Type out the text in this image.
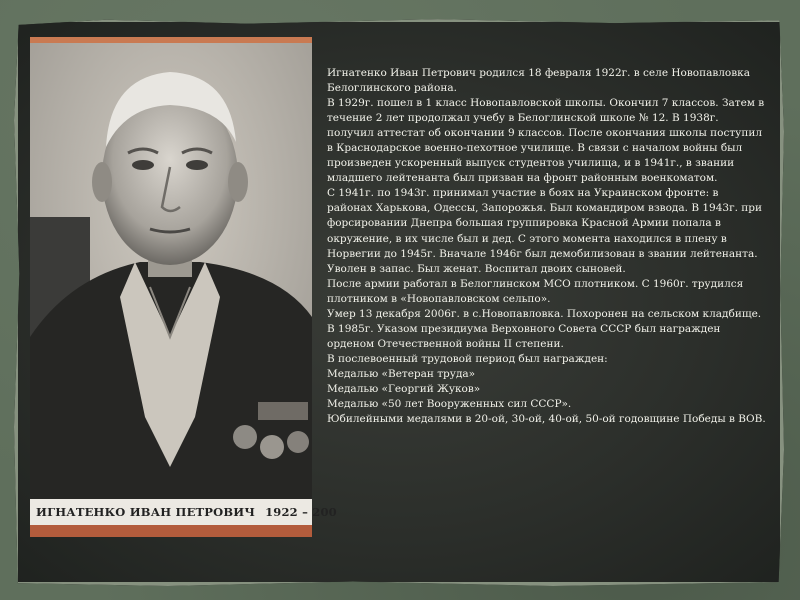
ИГНАТЕНКО ИВАН ПЕТРОВИЧ 1922 – 200

Игнатенко Иван Петрович родился 18 февраля 1922г. в селе Новопавловка Белоглинского района.

В 1929г. пошел в 1 класс Новопавловской школы. Окончил 7 классов. Затем в течение 2 лет продолжал учебу в Белоглинской школе № 12. В 1938г. получил аттестат об окончании 9 классов. После окончания школы поступил в Краснодарское военно-пехотное училище. В связи с началом войны был произведен ускоренный выпуск студентов училища, и в 1941г., в звании младшего лейтенанта был призван на фронт районным военкоматом.

С 1941г. по 1943г. принимал участие в боях на Украинском фронте: в районах Харькова, Одессы, Запорожья. Был командиром взвода. В 1943г. при форсировании Днепра большая группировка Красной Армии попала в окружение, в их числе был и дед. С этого момента находился в плену в Норвегии до 1945г. Вначале 1946г был демобилизован в звании лейтенанта. Уволен в запас. Был женат. Воспитал двоих сыновей.

После армии работал в Белоглинском МСО плотником. С 1960г. трудился плотником в «Новопавловском сельпо».

Умер 13 декабря 2006г. в с.Новопавловка. Похоронен на сельском кладбище.

В 1985г. Указом президиума Верховного Совета СССР был награжден орденом Отечественной войны II степени.

В послевоенный трудовой период был награжден:

Медалью «Ветеран труда»

Медалью «Георгий Жуков»

Медалью «50 лет Вооруженных сил СССР».

Юбилейными медалями в 20-ой, 30-ой, 40-ой, 50-ой годовщине Победы в ВОВ.
